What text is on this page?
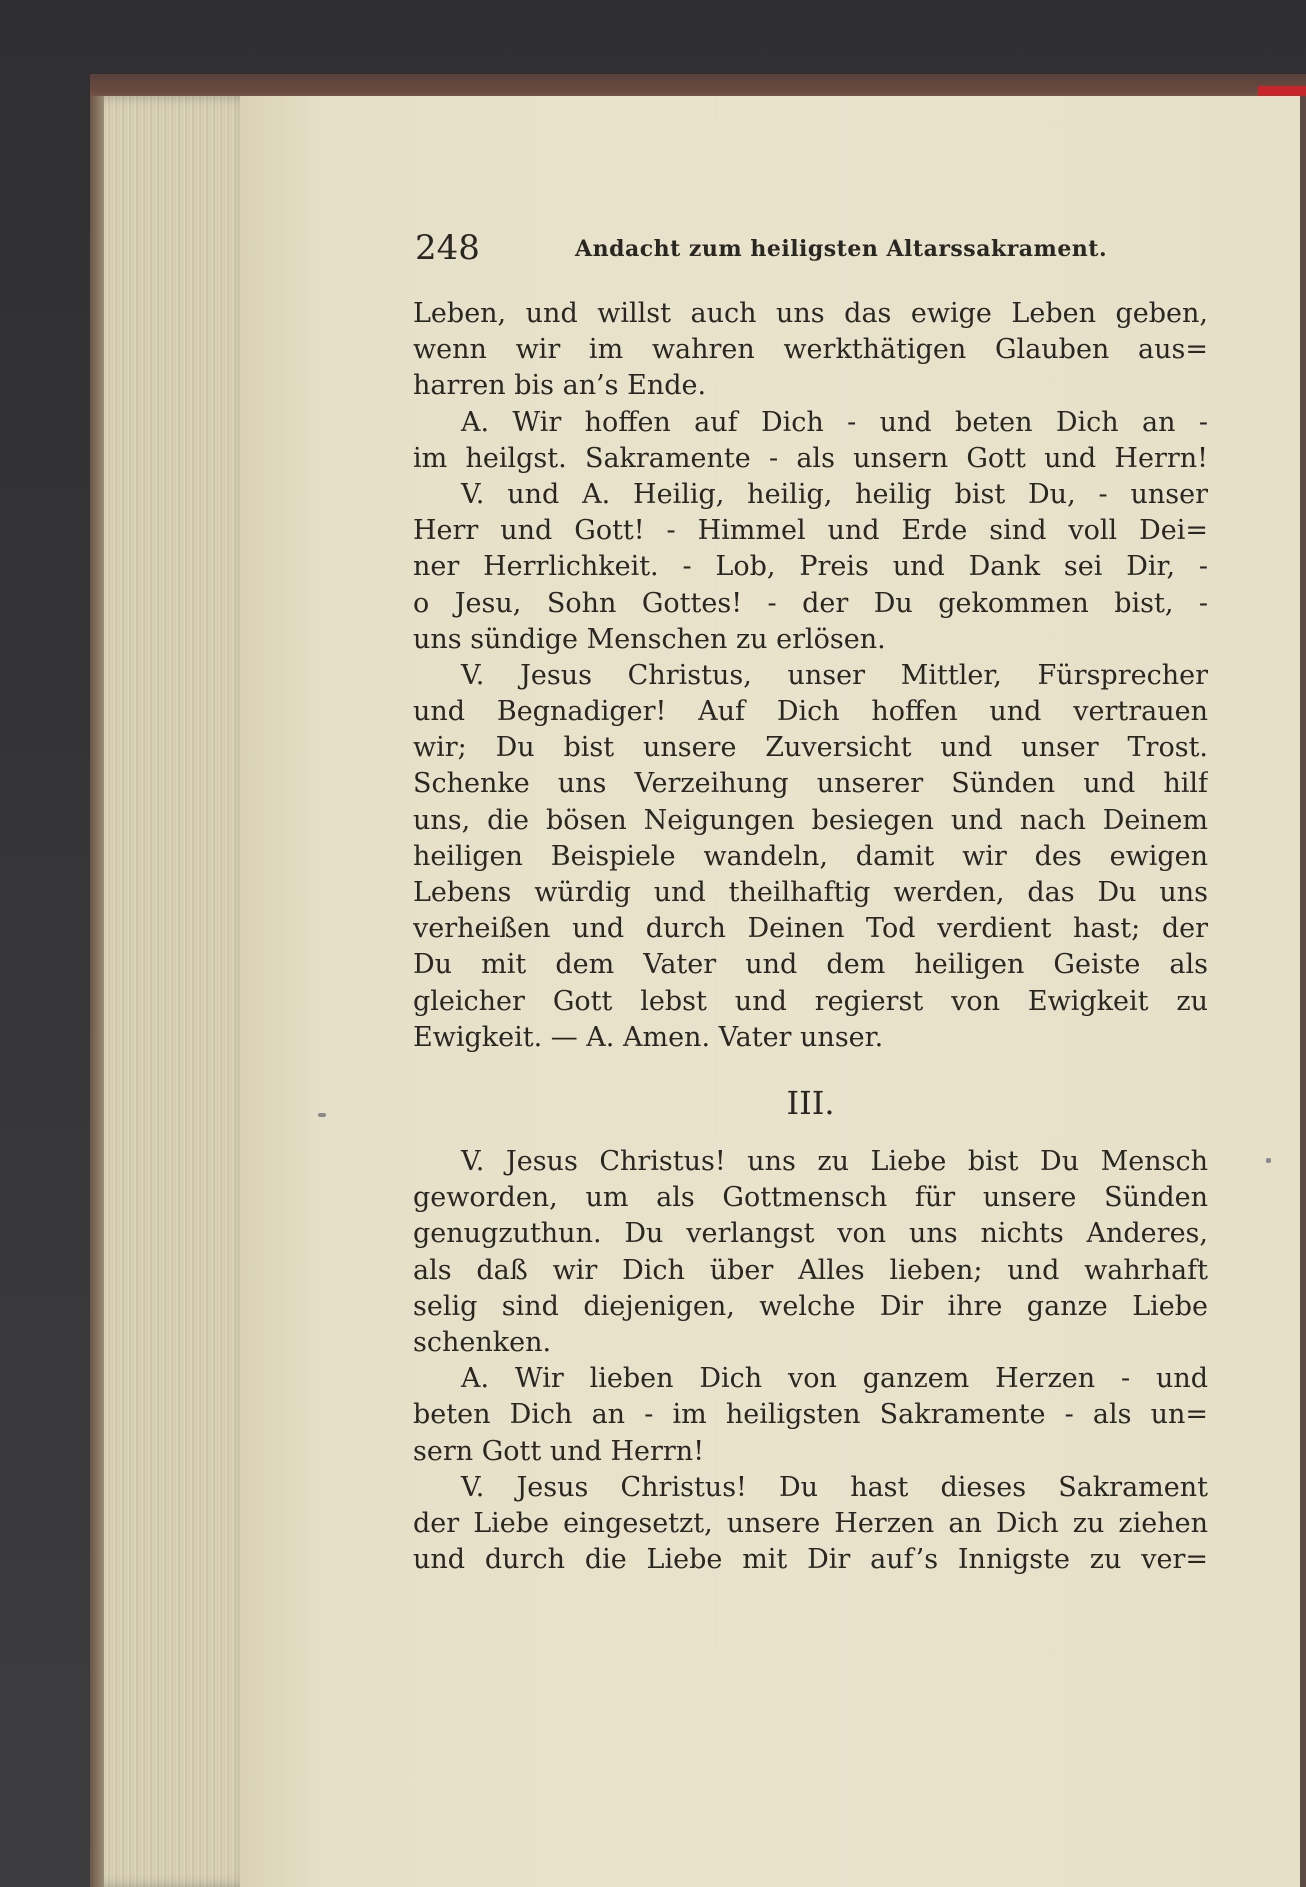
248	Andacht zum heiligsten Altarssakrament.
Leben, und willst auch uns das ewige Leben geben,
wenn wir im wahren werkthätigen Glauben aus=
harren bis an’s Ende.
A. Wir hoffen auf Dich - und beten Dich an -
im heilgst. Sakramente - als unsern Gott und Herrn!
V. und A. Heilig, heilig, heilig bist Du, - unser
Herr und Gott! - Himmel und Erde sind voll Dei=
ner Herrlichkeit. - Lob, Preis und Dank sei Dir, -
o Jesu, Sohn Gottes! - der Du gekommen bist, -
uns sündige Menschen zu erlösen.
V. Jesus Christus, unser Mittler, Fürsprecher
und Begnadiger! Auf Dich hoffen und vertrauen
wir; Du bist unsere Zuversicht und unser Trost.
Schenke uns Verzeihung unserer Sünden und hilf
uns, die bösen Neigungen besiegen und nach Deinem
heiligen Beispiele wandeln, damit wir des ewigen
Lebens würdig und theilhaftig werden, das Du uns
verheißen und durch Deinen Tod verdient hast; der
Du mit dem Vater und dem heiligen Geiste als
gleicher Gott lebst und regierst von Ewigkeit zu
Ewigkeit. — A. Amen. Vater unser.
III.
V. Jesus Christus! uns zu Liebe bist Du Mensch
geworden, um als Gottmensch für unsere Sünden
genugzuthun. Du verlangst von uns nichts Anderes,
als daß wir Dich über Alles lieben; und wahrhaft
selig sind diejenigen, welche Dir ihre ganze Liebe
schenken.
A. Wir lieben Dich von ganzem Herzen - und
beten Dich an - im heiligsten Sakramente - als un=
sern Gott und Herrn!
V. Jesus Christus! Du hast dieses Sakrament
der Liebe eingesetzt, unsere Herzen an Dich zu ziehen
und durch die Liebe mit Dir auf’s Innigste zu ver=
